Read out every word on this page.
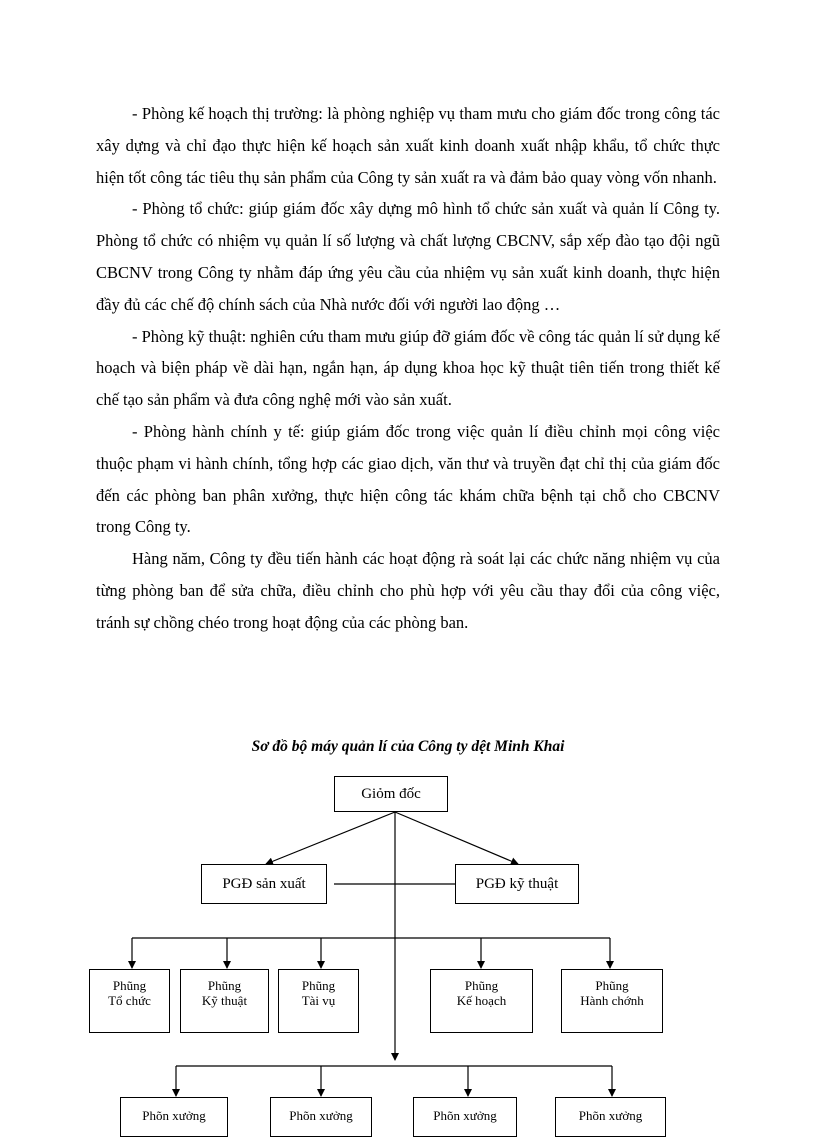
- Phòng kế hoạch thị trường: là phòng nghiệp vụ tham mưu cho giám đốc trong công tác xây dựng và chỉ đạo thực hiện kế hoạch sản xuất kinh doanh xuất nhập khẩu, tổ chức thực hiện tốt công tác tiêu thụ sản phẩm của Công ty sản xuất ra và đảm bảo quay vòng vốn nhanh.

- Phòng tổ chức: giúp giám đốc xây dựng mô hình tổ chức sản xuất và quản lí Công ty. Phòng tổ chức có nhiệm vụ quản lí số lượng và chất lượng CBCNV, sắp xếp đào tạo đội ngũ CBCNV trong Công ty nhằm đáp ứng yêu cầu của nhiệm vụ sản xuất kinh doanh, thực hiện đầy đủ các chế độ chính sách của Nhà nước đối với người lao động …

- Phòng kỹ thuật: nghiên cứu tham mưu giúp đỡ giám đốc về công tác quản lí sử dụng kế hoạch và biện pháp về dài hạn, ngắn hạn, áp dụng khoa học kỹ thuật tiên tiến trong thiết kế chế tạo sản phẩm và đưa công nghệ mới vào sản xuất.

- Phòng hành chính y tế: giúp giám đốc trong việc quản lí điều chỉnh mọi công việc thuộc phạm vi hành chính, tổng hợp các giao dịch, văn thư và truyền đạt chỉ thị của giám đốc đến các phòng ban phân xưởng, thực hiện công tác khám chữa bệnh tại chỗ cho CBCNV trong Công ty.

Hàng năm, Công ty đều tiến hành các hoạt động rà soát lại các chức năng nhiệm vụ của từng phòng ban để sửa chữa, điều chỉnh cho phù hợp với yêu cầu thay đổi của công việc, tránh sự chồng chéo trong hoạt động của các phòng ban.

Sơ đồ bộ máy quản lí của Công ty dệt Minh Khai
Giỏm đốc
PGĐ sản xuất	PGĐ kỹ thuật
Phũng
Tổ chức
Phũng
Kỹ thuật
Phũng
Tài vụ
Phũng
Kế hoạch
Phũng
Hành chớnh
Phõn xưởng	Phõn xưởng	Phõn xưởng	Phõn xưởng
